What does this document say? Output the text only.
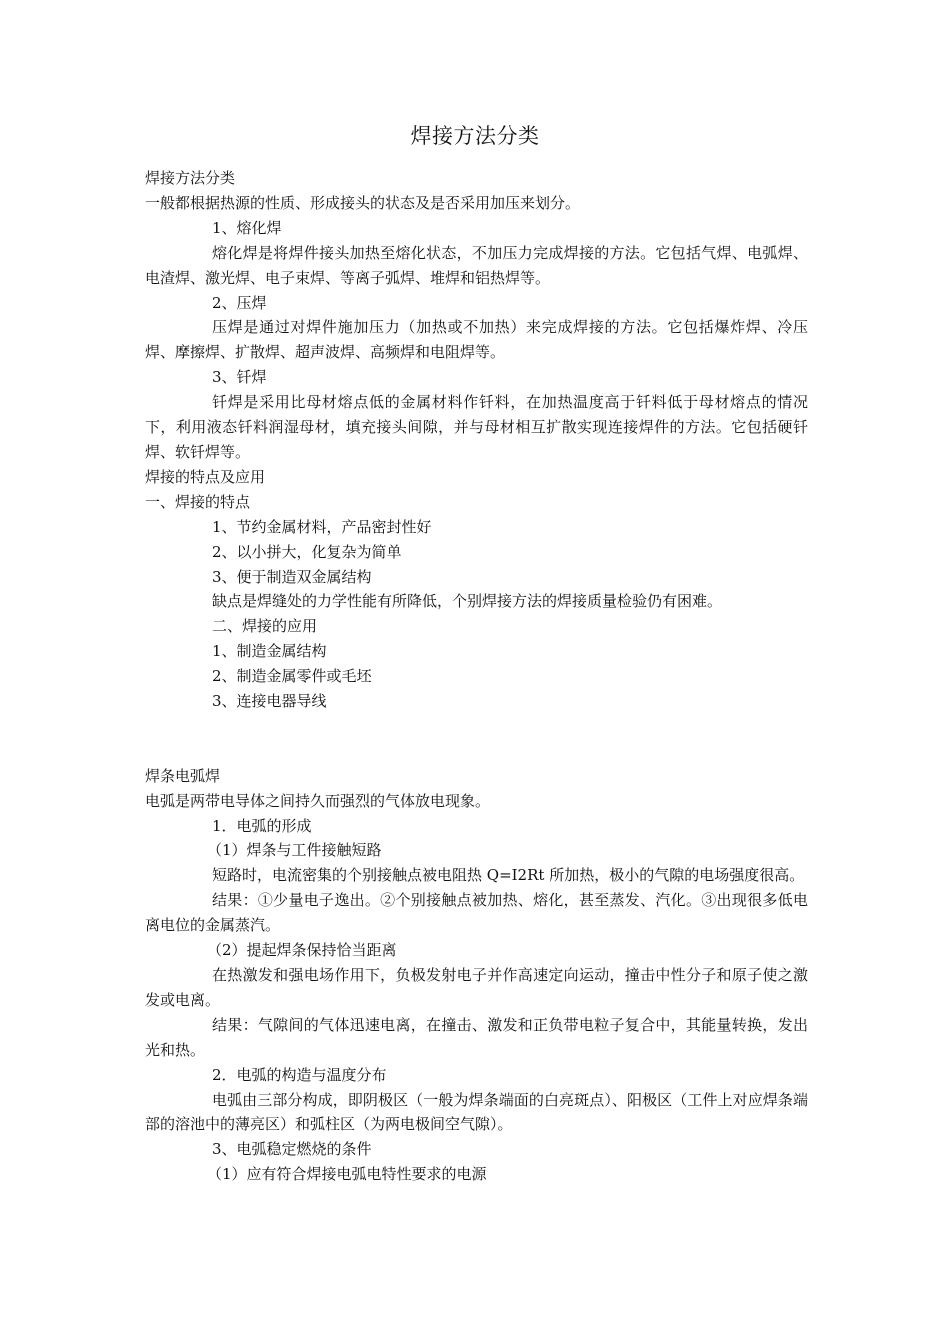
焊接方法分类

焊接方法分类

一般都根据热源的性质、形成接头的状态及是否采用加压来划分。

1、熔化焊

熔化焊是将焊件接头加热至熔化状态，不加压力完成焊接的方法。它包括气焊、电弧焊、电渣焊、激光焊、电子束焊、等离子弧焊、堆焊和铝热焊等。

2、压焊

压焊是通过对焊件施加压力（加热或不加热）来完成焊接的方法。它包括爆炸焊、冷压焊、摩擦焊、扩散焊、超声波焊、高频焊和电阻焊等。

3、钎焊

钎焊是采用比母材熔点低的金属材料作钎料，在加热温度高于钎料低于母材熔点的情况下，利用液态钎料润湿母材，填充接头间隙，并与母材相互扩散实现连接焊件的方法。它包括硬钎焊、软钎焊等。

焊接的特点及应用

一、焊接的特点

1、节约金属材料，产品密封性好

2、以小拼大，化复杂为简单

3、便于制造双金属结构

缺点是焊缝处的力学性能有所降低，个别焊接方法的焊接质量检验仍有困难。

二、焊接的应用

1、制造金属结构

2、制造金属零件或毛坯

3、连接电器导线

焊条电弧焊

电弧是两带电导体之间持久而强烈的气体放电现象。

1．电弧的形成

（1）焊条与工件接触短路

短路时，电流密集的个别接触点被电阻热 Q=I2Rt 所加热，极小的气隙的电场强度很高。

结果：①少量电子逸出。②个别接触点被加热、熔化，甚至蒸发、汽化。③出现很多低电离电位的金属蒸汽。

（2）提起焊条保持恰当距离

在热激发和强电场作用下，负极发射电子并作高速定向运动，撞击中性分子和原子使之激发或电离。

结果：气隙间的气体迅速电离，在撞击、激发和正负带电粒子复合中，其能量转换，发出光和热。

2．电弧的构造与温度分布

电弧由三部分构成，即阴极区（一般为焊条端面的白亮斑点）、阳极区（工件上对应焊条端部的溶池中的薄亮区）和弧柱区（为两电极间空气隙）。

3、电弧稳定燃烧的条件

（1）应有符合焊接电弧电特性要求的电源
